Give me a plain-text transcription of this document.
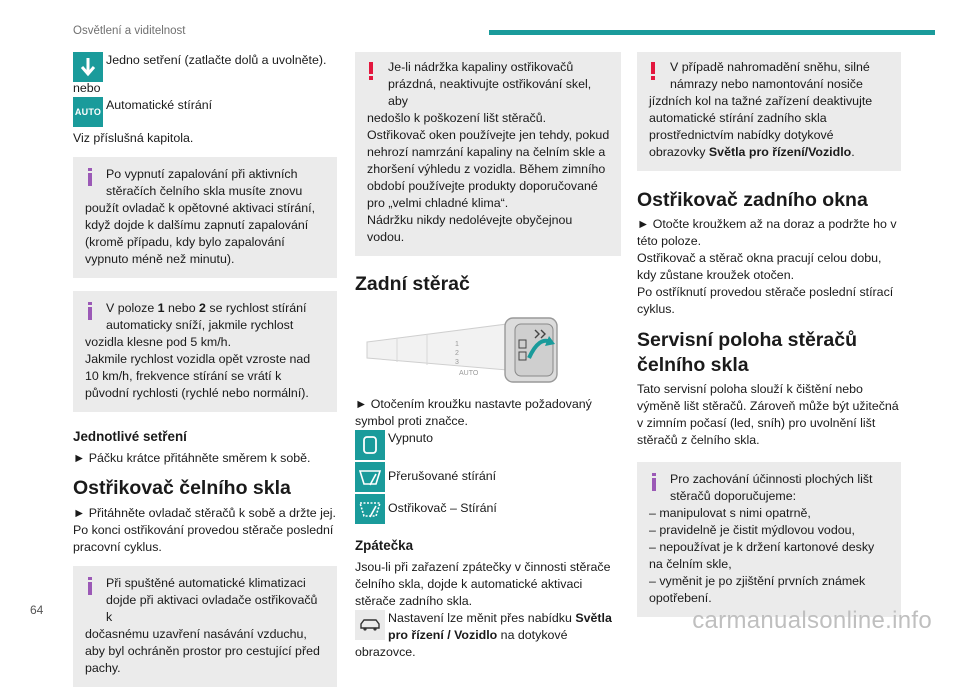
Osvětlení a viditelnost

Jedno setření (zatlačte dolů a uvolněte).

nebo

AUTO Automatické stírání

Viz příslušná kapitola.

Po vypnutí zapalování při aktivních stěračích čelního skla musíte znovu

použít ovladač k opětovné aktivaci stírání, když dojde k dalšímu zapnutí zapalování (kromě případu, kdy bylo zapalování vypnuto méně než minutu).

V poloze 1 nebo 2 se rychlost stírání automaticky sníží, jakmile rychlost

vozidla klesne pod 5 km/h.

Jakmile rychlost vozidla opět vzroste nad 10 km/h, frekvence stírání se vrátí k původní rychlosti (rychlé nebo normální).

Jednotlivé setření

► Páčku krátce přitáhněte směrem k sobě.

Ostřikovač čelního skla

► Přitáhněte ovladač stěračů k sobě a držte jej. Po konci ostřikování provedou stěrače poslední pracovní cyklus.

Při spuštěné automatické klimatizaci dojde při aktivaci ovladače ostřikovačů k

dočasnému uzavření nasávání vzduchu, aby byl ochráněn prostor pro cestující před pachy.

Je-li nádržka kapaliny ostřikovačů prázdná, neaktivujte ostřikování skel, aby

nedošlo k poškození lišt stěračů.

Ostřikovač oken používejte jen tehdy, pokud nehrozí namrzání kapaliny na čelním skle a zhoršení výhledu z vozidla. Během zimního období používejte produkty doporučované pro „velmi chladné klima“.

Nádržku nikdy nedolévejte obyčejnou vodou.

Zadní stěrač
1
2
3
AUTO

► Otočením kroužku nastavte požadovaný symbol proti značce.

Vypnuto

Přerušované stírání

Ostřikovač – Stírání

Zpátečka

Jsou-li při zařazení zpátečky v činnosti stěrače čelního skla, dojde k automatické aktivaci stěrače zadního skla.

Nastavení lze měnit přes nabídku Světla pro řízení / Vozidlo na dotykové

obrazovce.

V případě nahromadění sněhu, silné námrazy nebo namontování nosiče

jízdních kol na tažné zařízení deaktivujte automatické stírání zadního skla prostřednictvím nabídky dotykové obrazovky Světla pro řízení/Vozidlo.

Ostřikovač zadního okna

► Otočte kroužkem až na doraz a podržte ho v této poloze.

Ostřikovač a stěrač okna pracují celou dobu, kdy zůstane kroužek otočen.

Po ostříknutí provedou stěrače poslední stírací cyklus.

Servisní poloha stěračů čelního skla

Tato servisní poloha slouží k čištění nebo výměně lišt stěračů. Zároveň může být užitečná v zimním počasí (led, sníh) pro uvolnění lišt stěračů z čelního skla.

Pro zachování účinnosti plochých lišt stěračů doporučujeme:

– manipulovat s nimi opatrně,

– pravidelně je čistit mýdlovou vodou,

– nepoužívat je k držení kartonové desky na čelním skle,

– vyměnit je po zjištění prvních známek opotřebení.

64	carmanualsonline.info
